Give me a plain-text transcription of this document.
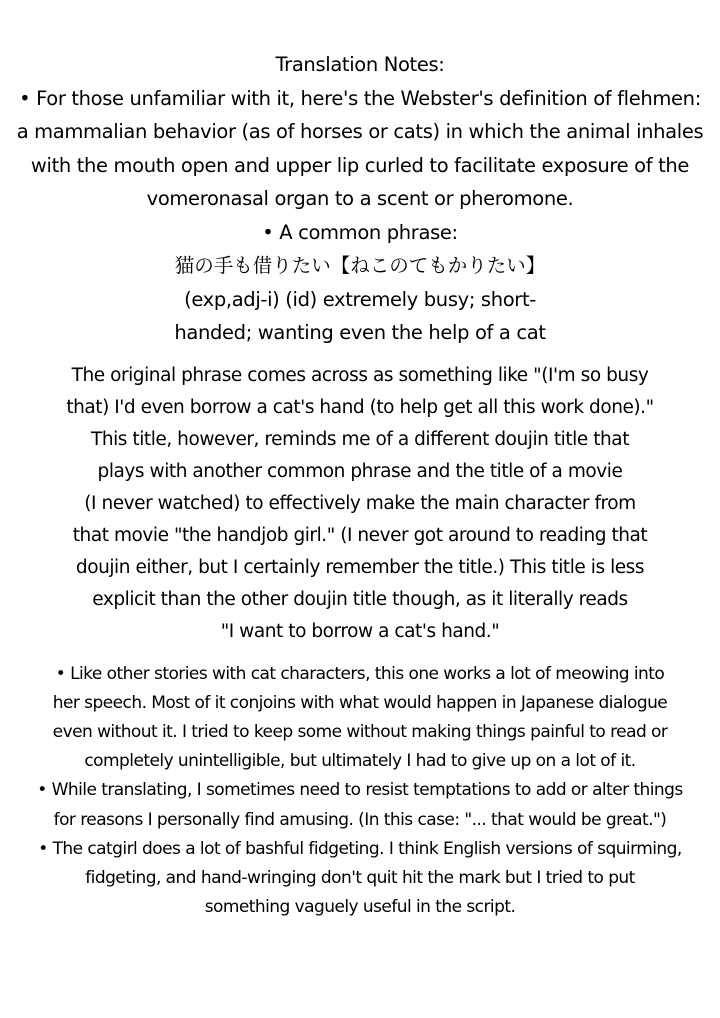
Translation Notes:
• For those unfamiliar with it, here's the Webster's definition of flehmen:
a mammalian behavior (as of horses or cats) in which the animal inhales
with the mouth open and upper lip curled to facilitate exposure of the
vomeronasal organ to a scent or pheromone.
• A common phrase:
猫の手も借りたい【ねこのてもかりたい】
(exp,adj-i) (id) extremely busy; short-
handed; wanting even the help of a cat
The original phrase comes across as something like "(I'm so busy
that) I'd even borrow a cat's hand (to help get all this work done)."
This title, however, reminds me of a different doujin title that
plays with another common phrase and the title of a movie
(I never watched) to effectively make the main character from
that movie "the handjob girl." (I never got around to reading that
doujin either, but I certainly remember the title.) This title is less
explicit than the other doujin title though, as it literally reads
"I want to borrow a cat's hand."
• Like other stories with cat characters, this one works a lot of meowing into
her speech. Most of it conjoins with what would happen in Japanese dialogue
even without it. I tried to keep some without making things painful to read or
completely unintelligible, but ultimately I had to give up on a lot of it.
• While translating, I sometimes need to resist temptations to add or alter things
for reasons I personally find amusing. (In this case: "... that would be great.")
• The catgirl does a lot of bashful fidgeting. I think English versions of squirming,
fidgeting, and hand-wringing don't quit hit the mark but I tried to put
something vaguely useful in the script.
